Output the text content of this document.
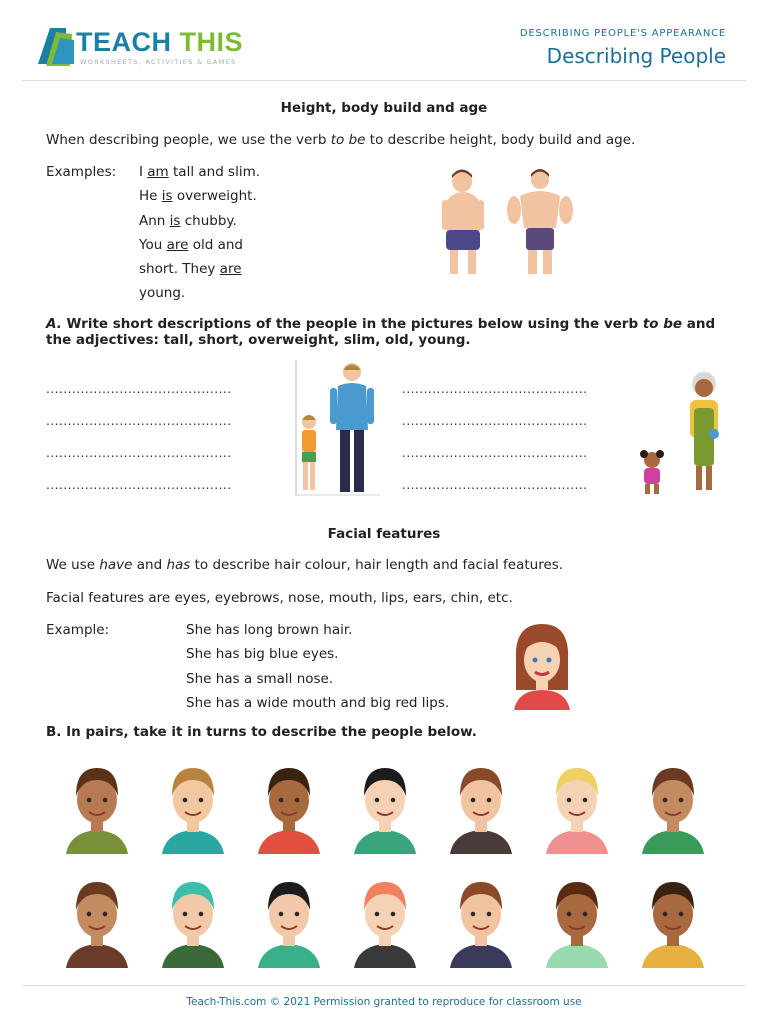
TEACH THIS
WORKSHEETS, ACTIVITIES & GAMES
DESCRIBING PEOPLE'S APPEARANCE
Describing People
Height, body build and age
When describing people, we use the verb to be to describe height, body build and age.
Examples: I am tall and slim.
He is overweight.
Ann is chubby.
You are old and
short. They are
young.
A. Write short descriptions of the people in the pictures below using the verb to be and the adjectives: tall, short, overweight, slim, old, young.
...........................................
...........................................
...........................................
...........................................
...........................................
...........................................
...........................................
...........................................
Facial features
We use have and has to describe hair colour, hair length and facial features.
Facial features are eyes, eyebrows, nose, mouth, lips, ears, chin, etc.
Example:	She has long brown hair.
She has big blue eyes.
She has a small nose.
She has a wide mouth and big red lips.
B. In pairs, take it in turns to describe the people below.
Teach-This.com © 2021 Permission granted to reproduce for classroom use
